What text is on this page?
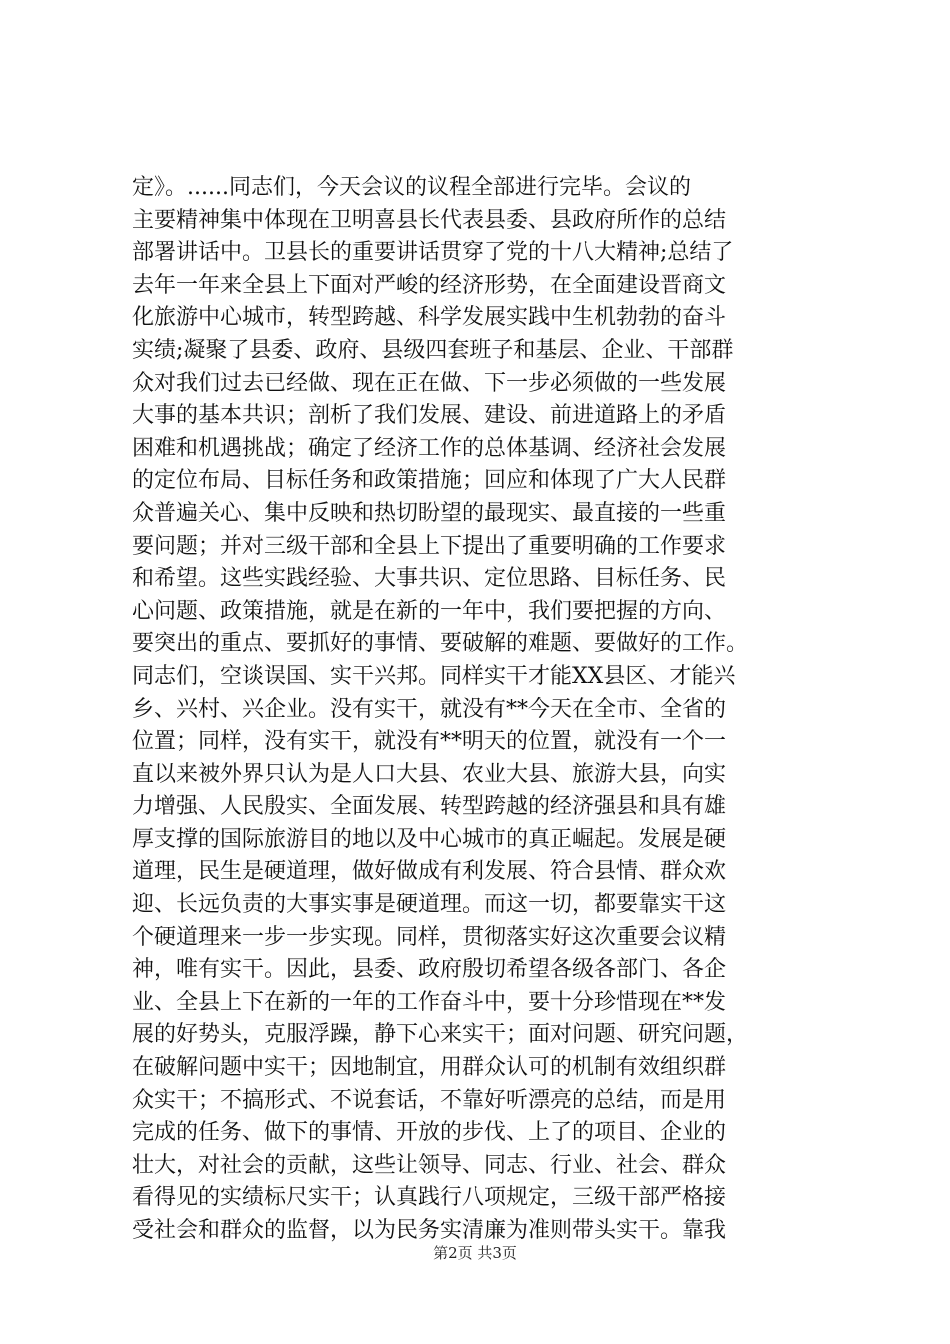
定》。......同志们，今天会议的议程全部进行完毕。会议的
主要精神集中体现在卫明喜县长代表县委、县政府所作的总结
部署讲话中。卫县长的重要讲话贯穿了党的十八大精神;总结了
去年一年来全县上下面对严峻的经济形势，在全面建设晋商文
化旅游中心城市，转型跨越、科学发展实践中生机勃勃的奋斗
实绩;凝聚了县委、政府、县级四套班子和基层、企业、干部群
众对我们过去已经做、现在正在做、下一步必须做的一些发展
大事的基本共识；剖析了我们发展、建设、前进道路上的矛盾
困难和机遇挑战；确定了经济工作的总体基调、经济社会发展
的定位布局、目标任务和政策措施；回应和体现了广大人民群
众普遍关心、集中反映和热切盼望的最现实、最直接的一些重
要问题；并对三级干部和全县上下提出了重要明确的工作要求
和希望。这些实践经验、大事共识、定位思路、目标任务、民
心问题、政策措施，就是在新的一年中，我们要把握的方向、
要突出的重点、要抓好的事情、要破解的难题、要做好的工作。
同志们，空谈误国、实干兴邦。同样实干才能XX县区、才能兴
乡、兴村、兴企业。没有实干，就没有**今天在全市、全省的
位置；同样，没有实干，就没有**明天的位置，就没有一个一
直以来被外界只认为是人口大县、农业大县、旅游大县，向实
力增强、人民殷实、全面发展、转型跨越的经济强县和具有雄
厚支撑的国际旅游目的地以及中心城市的真正崛起。发展是硬
道理，民生是硬道理，做好做成有利发展、符合县情、群众欢
迎、长远负责的大事实事是硬道理。而这一切，都要靠实干这
个硬道理来一步一步实现。同样，贯彻落实好这次重要会议精
神，唯有实干。因此，县委、政府殷切希望各级各部门、各企
业、全县上下在新的一年的工作奋斗中，要十分珍惜现在**发
展的好势头，克服浮躁，静下心来实干；面对问题、研究问题，
在破解问题中实干；因地制宜，用群众认可的机制有效组织群
众实干；不搞形式、不说套话，不靠好听漂亮的总结，而是用
完成的任务、做下的事情、开放的步伐、上了的项目、企业的
壮大，对社会的贡献，这些让领导、同志、行业、社会、群众
看得见的实绩标尺实干；认真践行八项规定，三级干部严格接
受社会和群众的监督，以为民务实清廉为准则带头实干。靠我

第2页 共3页
